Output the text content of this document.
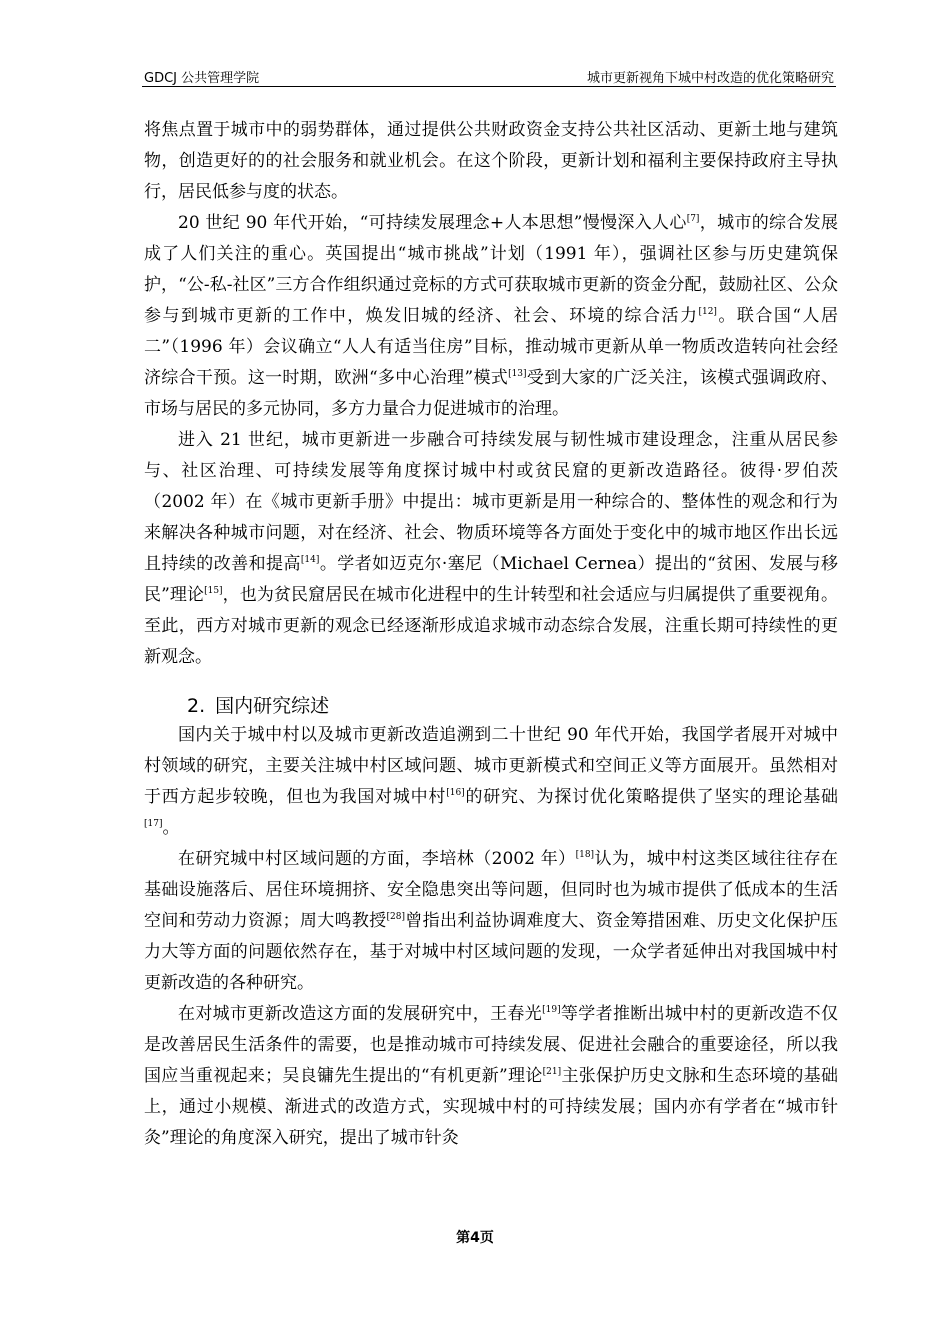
GDCJ 公共管理学院	城市更新视角下城中村改造的优化策略研究

将焦点置于城市中的弱势群体，通过提供公共财政资金支持公共社区活动、更新土地与建筑物，创造更好的的社会服务和就业机会。在这个阶段，更新计划和福利主要保持政府主导执行，居民低参与度的状态。

20 世纪 90 年代开始，“可持续发展理念+人本思想”慢慢深入人心[7]，城市的综合发展成了人们关注的重心。英国提出“城市挑战”计划（1991 年），强调社区参与历史建筑保护，“公-私-社区”三方合作组织通过竞标的方式可获取城市更新的资金分配，鼓励社区、公众参与到城市更新的工作中，焕发旧城的经济、社会、环境的综合活力[12]。联合国“人居二”（1996 年）会议确立“人人有适当住房”目标，推动城市更新从单一物质改造转向社会经济综合干预。这一时期，欧洲“多中心治理”模式[13]受到大家的广泛关注，该模式强调政府、市场与居民的多元协同，多方力量合力促进城市的治理。

进入 21 世纪，城市更新进一步融合可持续发展与韧性城市建设理念，注重从居民参与、社区治理、可持续发展等角度探讨城中村或贫民窟的更新改造路径。彼得·罗伯茨（2002 年）在《城市更新手册》中提出：城市更新是用一种综合的、整体性的观念和行为来解决各种城市问题，对在经济、社会、物质环境等各方面处于变化中的城市地区作出长远且持续的改善和提高[14]。学者如迈克尔·塞尼（Michael Cernea）提出的“贫困、发展与移民”理论[15]，也为贫民窟居民在城市化进程中的生计转型和社会适应与归属提供了重要视角。至此，西方对城市更新的观念已经逐渐形成追求城市动态综合发展，注重长期可持续性的更新观念。

2. 国内研究综述

国内关于城中村以及城市更新改造追溯到二十世纪 90 年代开始，我国学者展开对城中村领域的研究，主要关注城中村区域问题、城市更新模式和空间正义等方面展开。虽然相对于西方起步较晚，但也为我国对城中村[16]的研究、为探讨优化策略提供了坚实的理论基础[17]。

在研究城中村区域问题的方面，李培林（2002 年）[18]认为，城中村这类区域往往存在基础设施落后、居住环境拥挤、安全隐患突出等问题，但同时也为城市提供了低成本的生活空间和劳动力资源；周大鸣教授[28]曾指出利益协调难度大、资金筹措困难、历史文化保护压力大等方面的问题依然存在，基于对城中村区域问题的发现，一众学者延伸出对我国城中村更新改造的各种研究。

在对城市更新改造这方面的发展研究中，王春光[19]等学者推断出城中村的更新改造不仅是改善居民生活条件的需要，也是推动城市可持续发展、促进社会融合的重要途径，所以我国应当重视起来；吴良镛先生提出的“有机更新”理论[21]主张保护历史文脉和生态环境的基础上，通过小规模、渐进式的改造方式，实现城中村的可持续发展；国内亦有学者在“城市针灸”理论的角度深入研究，提出了城市针灸

第4页
